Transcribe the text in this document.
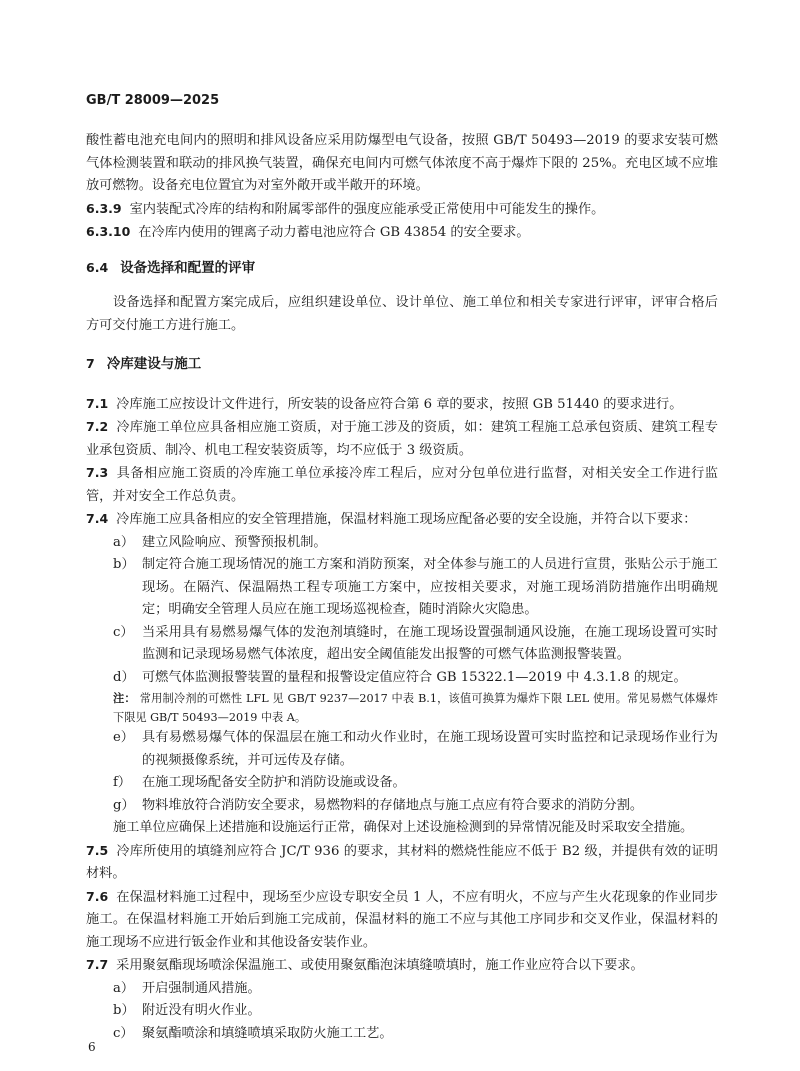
GB/T 28009—2025

酸性蓄电池充电间内的照明和排风设备应采用防爆型电气设备，按照 GB/T 50493—2019 的要求安装可燃气体检测装置和联动的排风换气装置，确保充电间内可燃气体浓度不高于爆炸下限的 25%。充电区域不应堆放可燃物。设备充电位置宜为对室外敞开或半敞开的环境。

6.3.9 室内装配式冷库的结构和附属零部件的强度应能承受正常使用中可能发生的操作。

6.3.10 在冷库内使用的锂离子动力蓄电池应符合 GB 43854 的安全要求。

6.4 设备选择和配置的评审

设备选择和配置方案完成后，应组织建设单位、设计单位、施工单位和相关专家进行评审，评审合格后方可交付施工方进行施工。

7 冷库建设与施工

7.1 冷库施工应按设计文件进行，所安装的设备应符合第 6 章的要求，按照 GB 51440 的要求进行。

7.2 冷库施工单位应具备相应施工资质，对于施工涉及的资质，如：建筑工程施工总承包资质、建筑工程专业承包资质、制冷、机电工程安装资质等，均不应低于 3 级资质。

7.3 具备相应施工资质的冷库施工单位承接冷库工程后，应对分包单位进行监督，对相关安全工作进行监管，并对安全工作总负责。

7.4 冷库施工应具备相应的安全管理措施，保温材料施工现场应配备必要的安全设施，并符合以下要求：

a） 建立风险响应、预警预报机制。
b） 制定符合施工现场情况的施工方案和消防预案，对全体参与施工的人员进行宣贯，张贴公示于施工现场。在隔汽、保温隔热工程专项施工方案中，应按相关要求，对施工现场消防措施作出明确规定；明确安全管理人员应在施工现场巡视检查，随时消除火灾隐患。
c） 当采用具有易燃易爆气体的发泡剂填缝时，在施工现场设置强制通风设施，在施工现场设置可实时监测和记录现场易燃气体浓度，超出安全阈值能发出报警的可燃气体监测报警装置。
d） 可燃气体监测报警装置的量程和报警设定值应符合 GB 15322.1—2019 中 4.3.1.8 的规定。
注： 常用制冷剂的可燃性 LFL 见 GB/T 9237—2017 中表 B.1，该值可换算为爆炸下限 LEL 使用。常见易燃气体爆炸下限见 GB/T 50493—2019 中表 A。
e） 具有易燃易爆气体的保温层在施工和动火作业时，在施工现场设置可实时监控和记录现场作业行为的视频摄像系统，并可远传及存储。
f） 在施工现场配备安全防护和消防设施或设备。
g） 物料堆放符合消防安全要求，易燃物料的存储地点与施工点应有符合要求的消防分割。

施工单位应确保上述措施和设施运行正常，确保对上述设施检测到的异常情况能及时采取安全措施。

7.5 冷库所使用的填缝剂应符合 JC/T 936 的要求，其材料的燃烧性能应不低于 B2 级，并提供有效的证明材料。

7.6 在保温材料施工过程中，现场至少应设专职安全员 1 人，不应有明火，不应与产生火花现象的作业同步施工。在保温材料施工开始后到施工完成前，保温材料的施工不应与其他工序同步和交叉作业，保温材料的施工现场不应进行钣金作业和其他设备安装作业。

7.7 采用聚氨酯现场喷涂保温施工、或使用聚氨酯泡沫填缝喷填时，施工作业应符合以下要求。

a） 开启强制通风措施。
b） 附近没有明火作业。
c） 聚氨酯喷涂和填缝喷填采取防火施工工艺。
6
